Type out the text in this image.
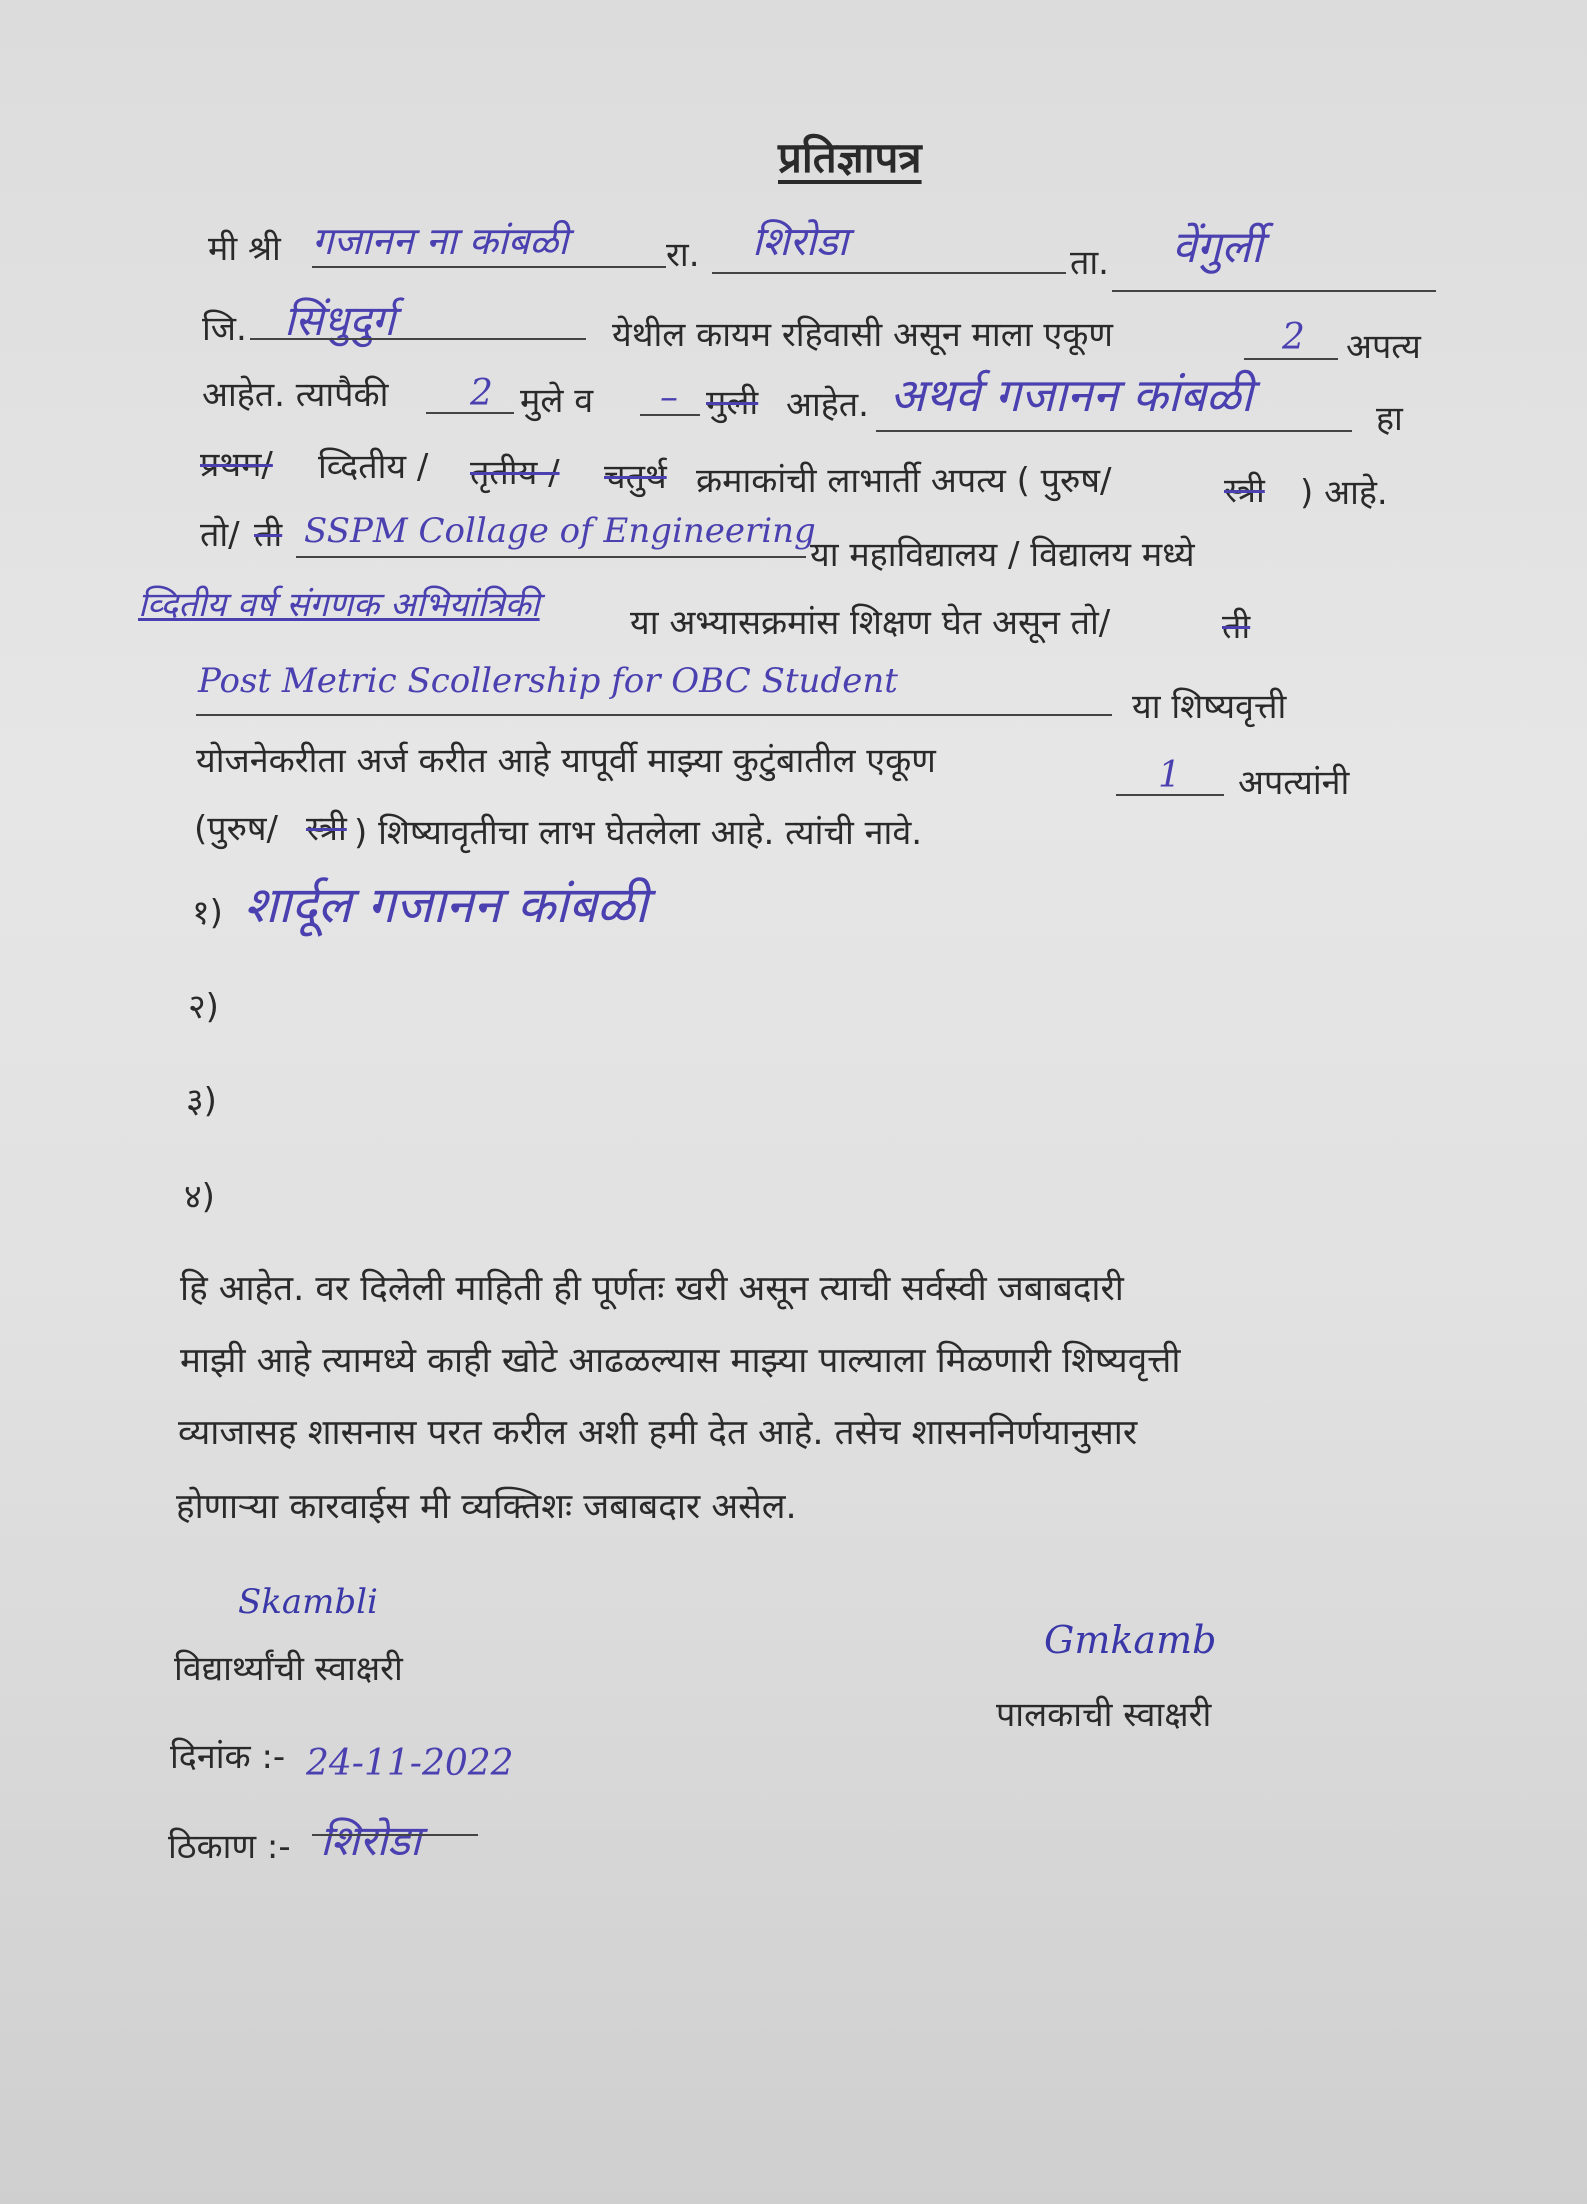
प्रतिज्ञापत्र
मी श्री गजानन ना कांबळी	रा. शिरोडा	ता. वेंगुर्ली
जि. सिंधुदुर्ग	येथील कायम रहिवासी असून माला एकूण	2 अपत्य
आहेत. त्यापैकी 2 मुले व – मुली आहेत. अथर्व गजानन कांबळी	हा
प्रथम/ व्दितीय / तृतीय / चतुर्थ क्रमाकांची लाभार्ती अपत्य ( पुरुष/	स्त्री ) आहे.
तो/ ती SSPM Collage of Engineering
या महाविद्यालय / विद्यालय मध्ये
व्दितीय वर्ष संगणक अभियांत्रिकी	या अभ्यासक्रमांस शिक्षण घेत असून तो/	ती
Post Metric Scollership for OBC Student
या शिष्यवृत्ती
योजनेकरीता अर्ज करीत आहे यापूर्वी माझ्या कुटुंबातील एकूण	1 अपत्यांनी
(पुरुष/ स्त्री ) शिष्यावृतीचा लाभ घेतलेला आहे. त्यांची नावे.
१) शार्दूल गजानन कांबळी
२)
३)
४)
हि आहेत. वर दिलेली माहिती ही पूर्णतः खरी असून त्याची सर्वस्वी जबाबदारी
माझी आहे त्यामध्ये काही खोटे आढळल्यास माझ्या पाल्याला मिळणारी शिष्यवृत्ती
व्याजासह शासनास परत करील अशी हमी देत आहे. तसेच शासननिर्णयानुसार
होणाऱ्या कारवाईस मी व्यक्तिशः जबाबदार असेल.
Skambli
विद्यार्थ्यांची स्वाक्षरी
Gmkamb
पालकाची स्वाक्षरी
दिनांक :- 24-11-2022
ठिकाण :- शिरोडा
